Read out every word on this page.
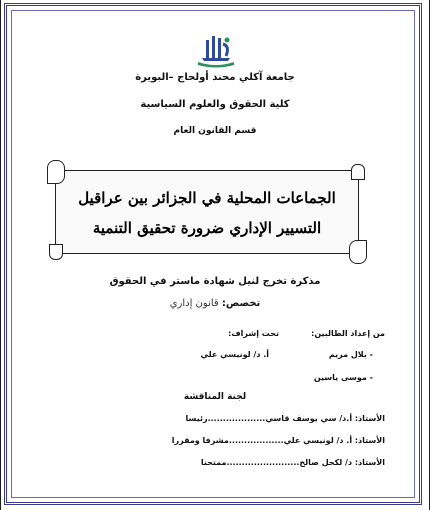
جامعة آكلي محند أولحاج –البويرة
كلية الحقوق والعلوم السياسية
قسم القانون العام
الجماعات المحلية في الجزائر بين عراقيل
التسيير الإداري ضرورة تحقيق التنمية
مذكرة تخرج لنيل شهادة ماستر في الحقوق
تخصص: قانون إداري
من إعداد الطالبين:
تحت إشراف:
- بلال مريم
أ. د/ لونيسي علي
- موسى ياسين
لجنة المناقشة
الأستاذ: أ.د/ سي يوسف قاسي...................رئيسا
الأستاذ: أ. د/ لونيسي علي..................مشرفا ومقررا
الأستاذ: د/ لكحل صالح........................ممتحنا
